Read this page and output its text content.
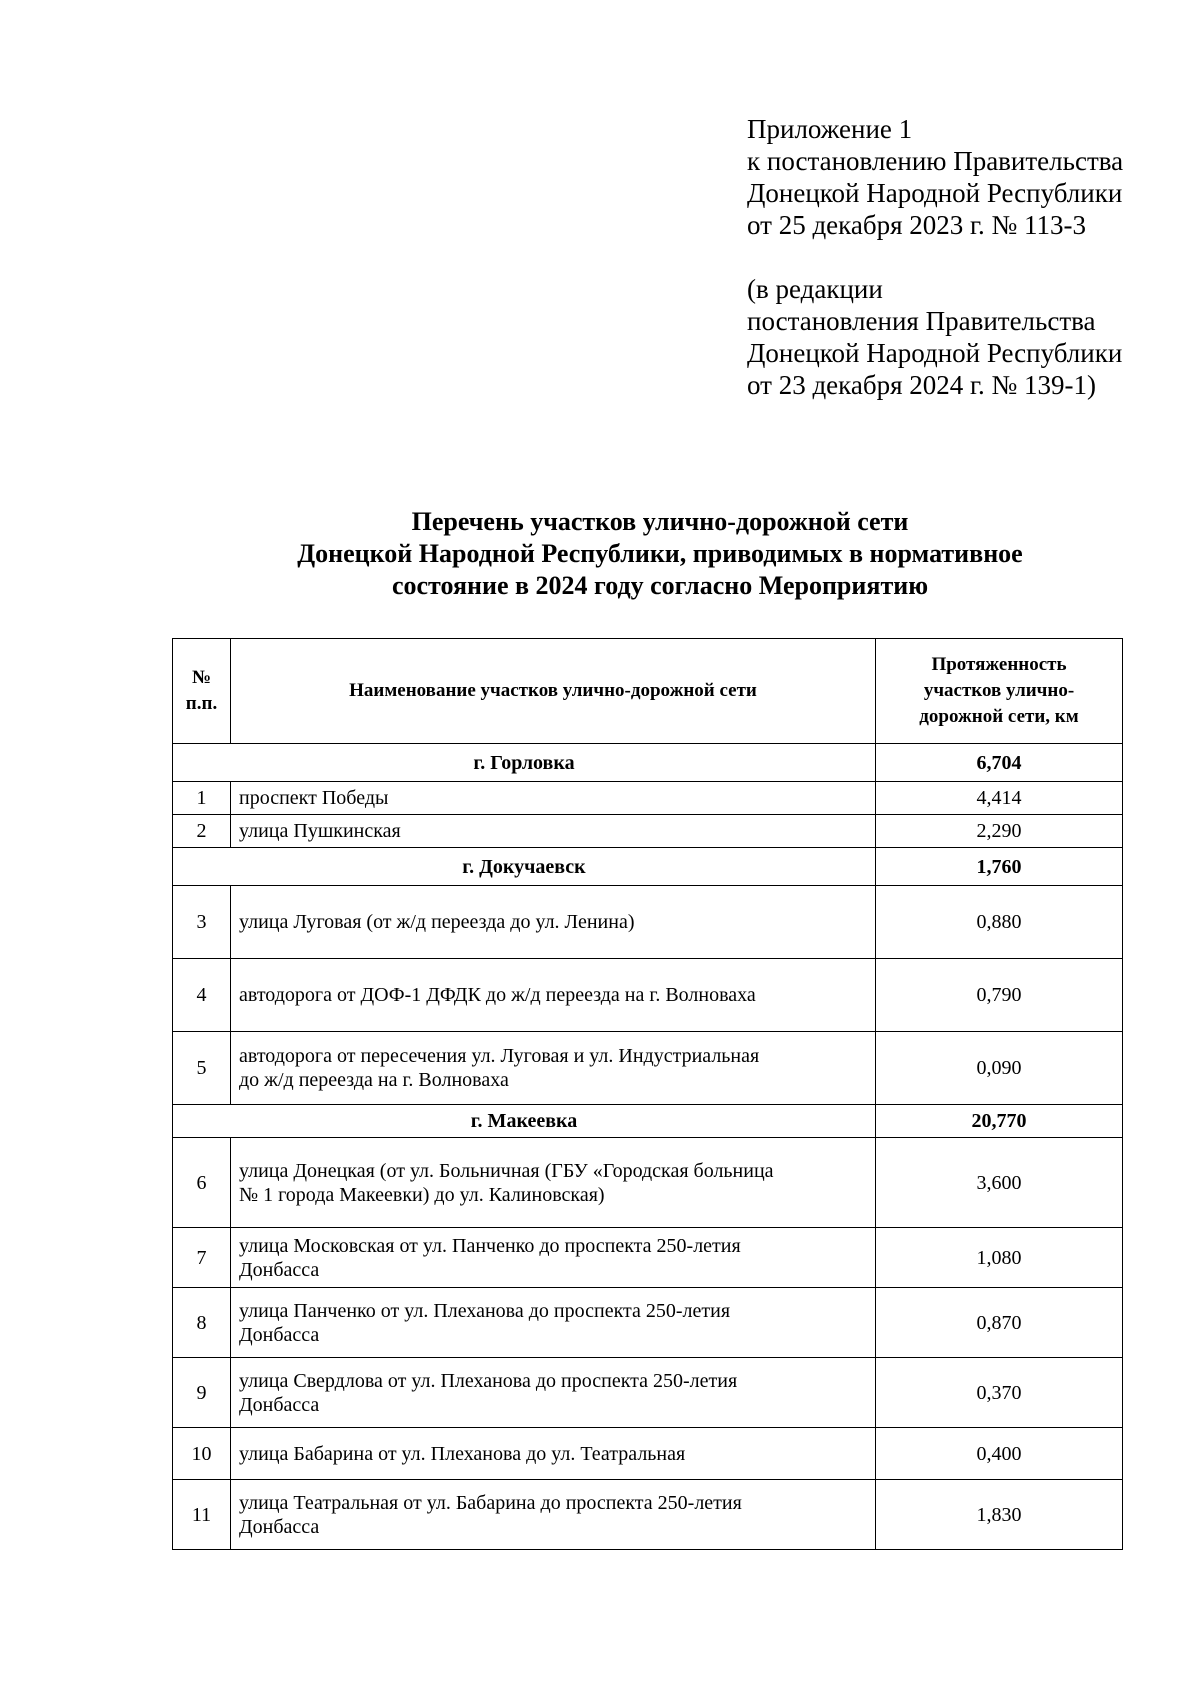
Приложение 1
к постановлению Правительства
Донецкой Народной Республики
от 25 декабря 2023 г. № 113-3
(в редакции
постановления Правительства
Донецкой Народной Республики
от 23 декабря 2024 г. № 139-1)
Перечень участков улично-дорожной сети
Донецкой Народной Республики, приводимых в нормативное
состояние в 2024 году согласно Мероприятию
№
п.п.	Наименование участков улично-дорожной сети	Протяженность
участков улично-
дорожной сети, км
г. Горловка		6,704
1	проспект Победы	4,414
2	улица Пушкинская	2,290
г. Докучаевск		1,760
3	улица Луговая (от ж/д переезда до ул. Ленина)	0,880
4	автодорога от ДОФ-1 ДФДК до ж/д переезда на г. Волноваха	0,790
5	автодорога от пересечения ул. Луговая и ул. Индустриальная
до ж/д переезда на г. Волноваха	0,090
г. Макеевка		20,770
6	улица Донецкая (от ул. Больничная (ГБУ «Городская больница
№ 1 города Макеевки) до ул. Калиновская)	3,600
7	улица Московская от ул. Панченко до проспекта 250-летия
Донбасса	1,080
8	улица Панченко от ул. Плеханова до проспекта 250-летия
Донбасса	0,870
9	улица Свердлова от ул. Плеханова до проспекта 250-летия
Донбасса	0,370
10	улица Бабарина от ул. Плеханова до ул. Театральная	0,400
11	улица Театральная от ул. Бабарина до проспекта 250-летия
Донбасса	1,830
